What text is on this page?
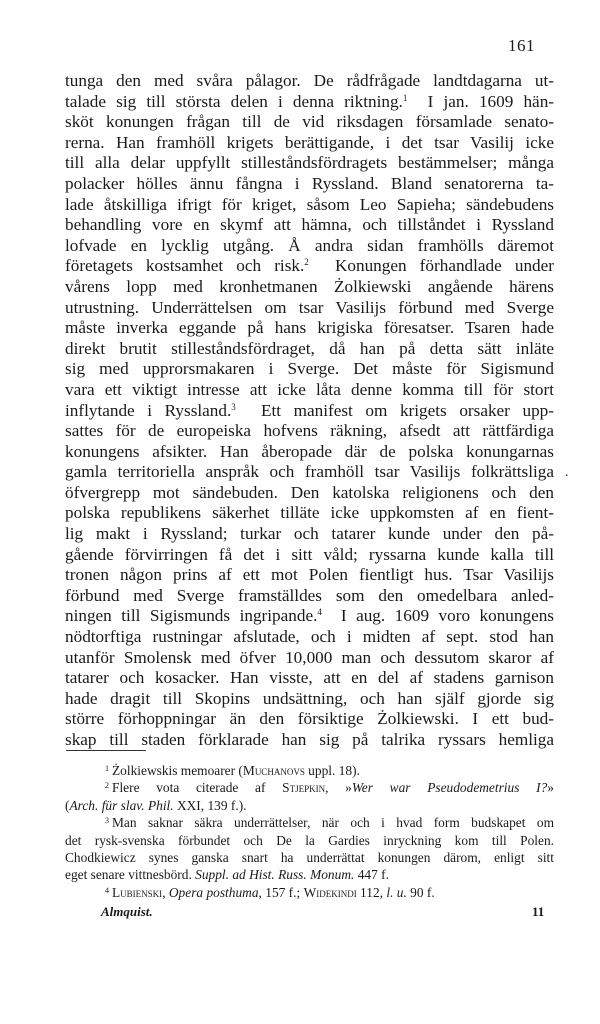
161
tunga den med svåra pålagor. De rådfrågade landtdagarna ut-
talade sig till största delen i denna riktning.$^1$ I jan. 1609 hän-
sköt konungen frågan till de vid riksdagen församlade senato-
rerna. Han framhöll krigets berättigande, i det tsar Vasilij icke
till alla delar uppfyllt stilleståndsfördragets bestämmelser; många
polacker hölles ännu fångna i Ryssland. Bland senatorerna ta-
lade åtskilliga ifrigt för kriget, såsom Leo Sapieha; sändebudens
behandling vore en skymf att hämna, och tillståndet i Ryssland
lofvade en lycklig utgång. Å andra sidan framhölls däremot
företagets kostsamhet och risk.$^2$ Konungen förhandlade under
vårens lopp med kronhetmanen Żolkiewski angående härens
utrustning. Underrättelsen om tsar Vasilijs förbund med Sverge
måste inverka eggande på hans krigiska föresatser. Tsaren hade
direkt brutit stilleståndsfördraget, då han på detta sätt inläte
sig med upprorsmakaren i Sverge. Det måste för Sigismund
vara ett viktigt intresse att icke låta denne komma till för stort
inflytande i Ryssland.$^3$ Ett manifest om krigets orsaker upp-
sattes för de europeiska hofvens räkning, afsedt att rättfärdiga
konungens afsikter. Han åberopade där de polska konungarnas
gamla territoriella anspråk och framhöll tsar Vasilijs folkrättsliga
öfvergrepp mot sändebuden. Den katolska religionens och den
polska republikens säkerhet tilläte icke uppkomsten af en fient-
lig makt i Ryssland; turkar och tatarer kunde under den på-
gående förvirringen få det i sitt våld; ryssarna kunde kalla till
tronen någon prins af ett mot Polen fientligt hus. Tsar Vasilijs
förbund med Sverge framställdes som den omedelbara anled-
ningen till Sigismunds ingripande.$^4$ I aug. 1609 voro konungens
nödtorftiga rustningar afslutade, och i midten af sept. stod han
utanför Smolensk med öfver 10,000 man och dessutom skaror af
tatarer och kosacker. Han visste, att en del af stadens garnison
hade dragit till Skopins undsättning, och han själf gjorde sig
större förhoppningar än den försiktige Żolkiewski. I ett bud-
skap till staden förklarade han sig på talrika ryssars hemliga
.
$^1$ Żolkiewskis memoarer (Muchanovs uppl. 18).
$^2$ Flere vota citerade af Stjepkin, »Wer war Pseudodemetrius I?»
(Arch. für slav. Phil. XXI, 139 f.).
$^3$ Man saknar säkra underrättelser, när och i hvad form budskapet om
det rysk-svenska förbundet och De la Gardies inryckning kom till Polen.
Chodkiewicz synes ganska snart ha underrättat konungen därom, enligt sitt
eget senare vittnesbörd. Suppl. ad Hist. Russ. Monum. 447 f.
$^4$ Lubienski, Opera posthuma, 157 f.; Widekindi 112, l. u. 90 f.
Almquist.	11
